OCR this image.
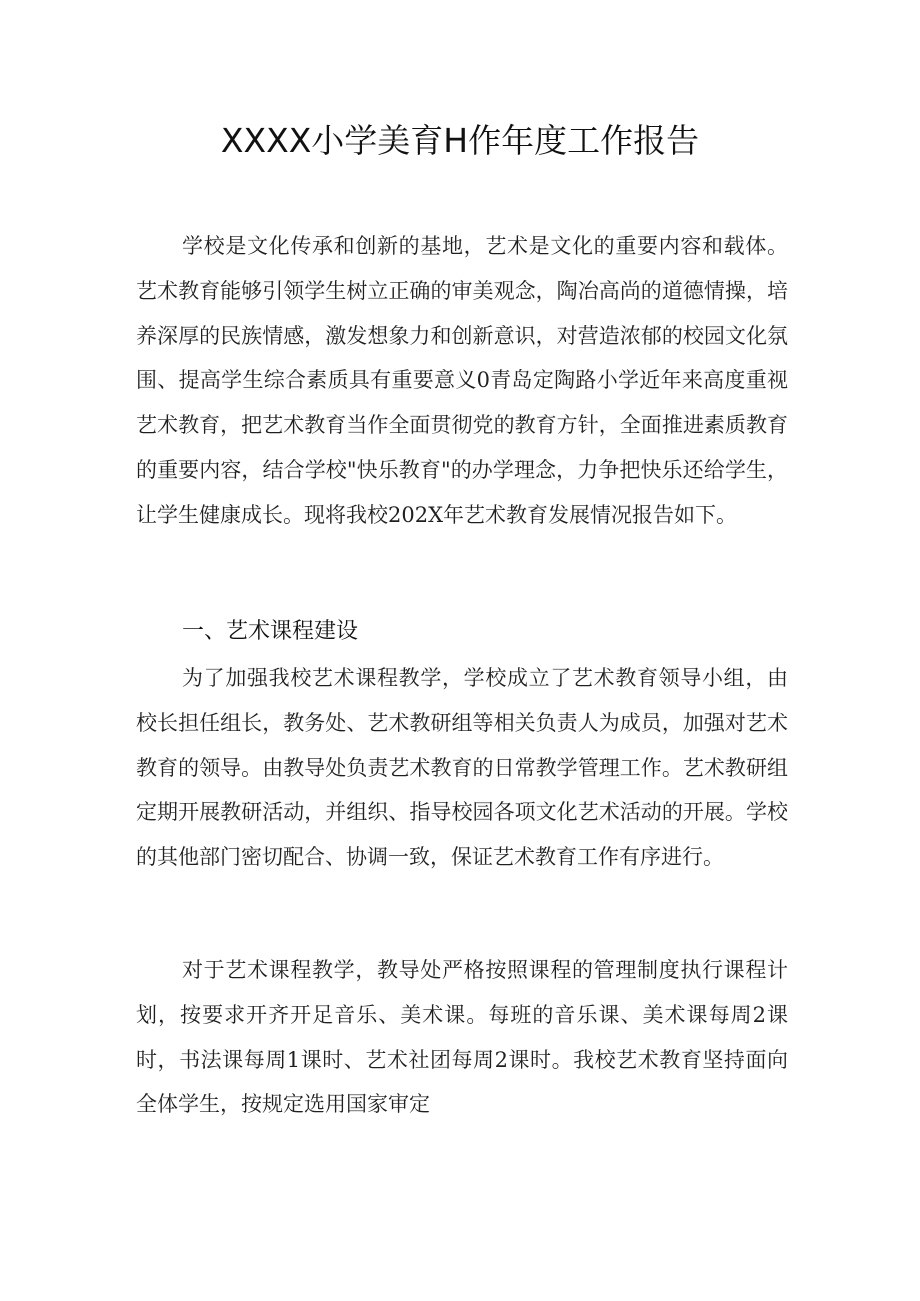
XXXX小学美育H作年度工作报告

学校是文化传承和创新的基地，艺术是文化的重要内容和载体。艺术教育能够引领学生树立正确的审美观念，陶冶高尚的道德情操，培养深厚的民族情感，激发想象力和创新意识，对营造浓郁的校园文化氛围、提高学生综合素质具有重要意义0青岛定陶路小学近年来高度重视艺术教育，把艺术教育当作全面贯彻党的教育方针，全面推进素质教育的重要内容，结合学校"快乐教育"的办学理念，力争把快乐还给学生，让学生健康成长。现将我校202X年艺术教育发展情况报告如下。

一、艺术课程建设

为了加强我校艺术课程教学，学校成立了艺术教育领导小组，由校长担任组长，教务处、艺术教研组等相关负责人为成员，加强对艺术教育的领导。由教导处负责艺术教育的日常教学管理工作。艺术教研组定期开展教研活动，并组织、指导校园各项文化艺术活动的开展。学校的其他部门密切配合、协调一致，保证艺术教育工作有序进行。

对于艺术课程教学，教导处严格按照课程的管理制度执行课程计划，按要求开齐开足音乐、美术课。每班的音乐课、美术课每周2课时，书法课每周1课时、艺术社团每周2课时。我校艺术教育坚持面向全体学生，按规定选用国家审定
